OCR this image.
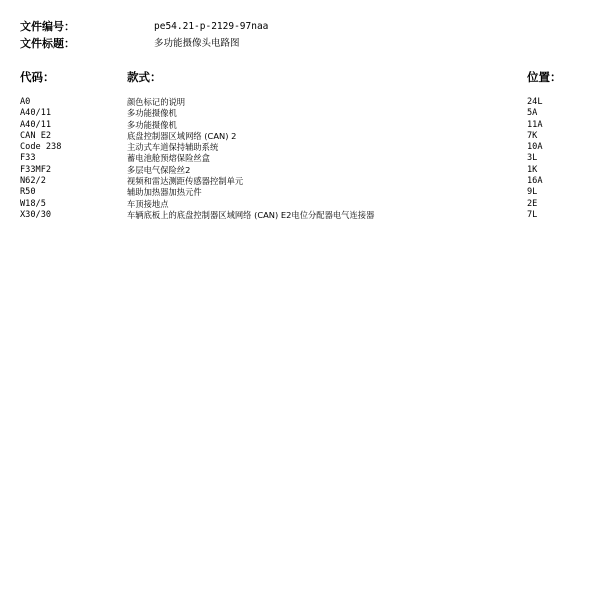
文件编号：	pe54.21-p-2129-97naa
文件标题：	多功能摄像头电路图
代码：	款式：	位置：
A0	颜色标记的说明	24L
A40/11	多功能摄像机	5A
A40/11	多功能摄像机	11A
CAN E2	底盘控制器区域网络 (CAN) 2	7K
Code 238	主动式车道保持辅助系统	10A
F33	蓄电池舱预熔保险丝盒	3L
F33MF2	多层电气保险丝2	1K
N62/2	视频和雷达测距传感器控制单元	16A
R50	辅助加热器加热元件	9L
W18/5	车顶接地点	2E
X30/30	车辆底板上的底盘控制器区域网络 (CAN) E2电位分配器电气连接器	7L
